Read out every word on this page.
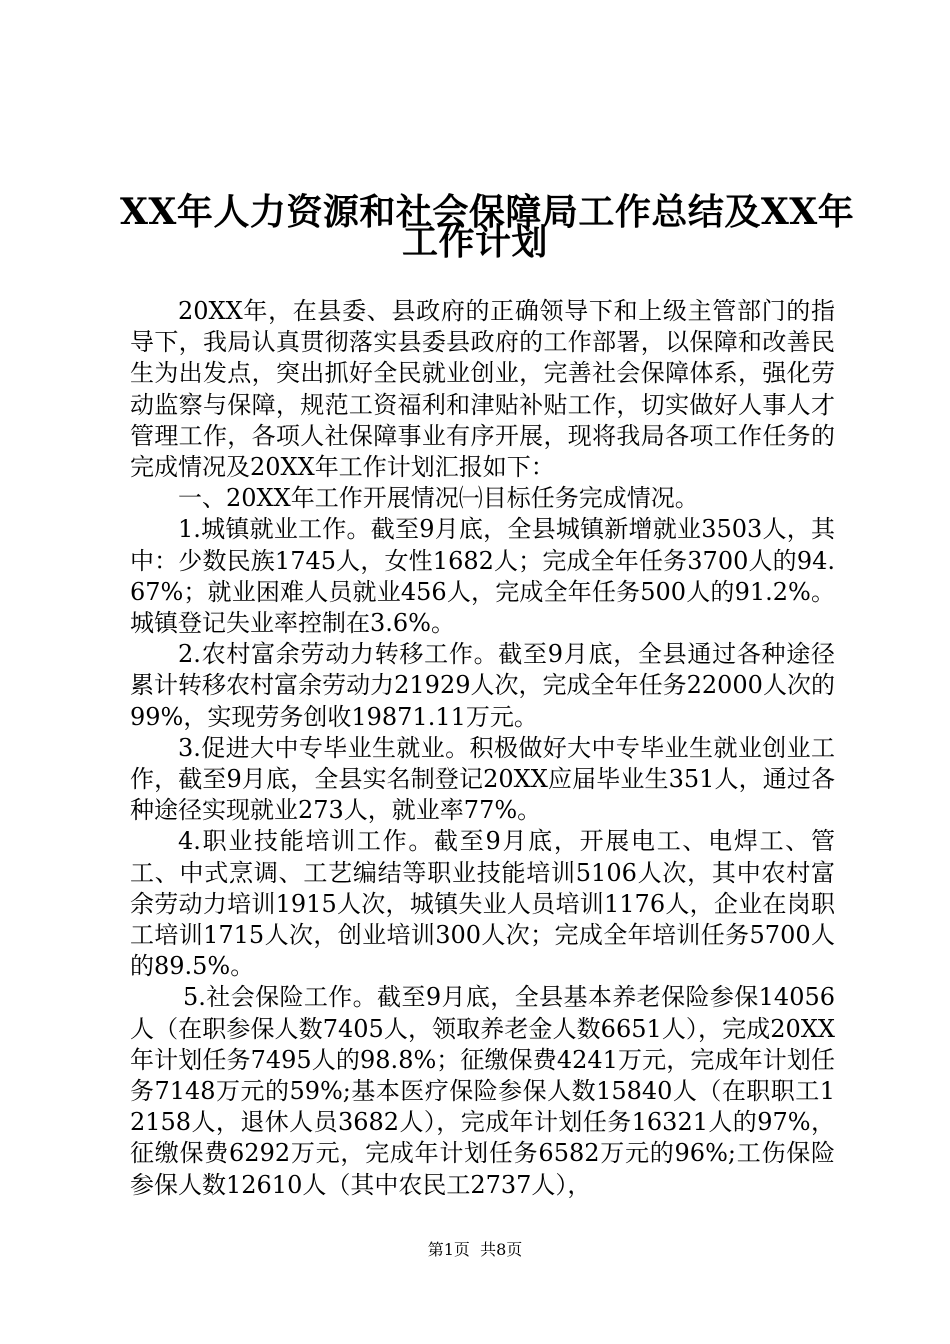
XX年人力资源和社会保障局工作总结及XX年
工作计划

20XX年，在县委、县政府的正确领导下和上级主管部门的指导下，我局认真贯彻落实县委县政府的工作部署，以保障和改善民生为出发点，突出抓好全民就业创业，完善社会保障体系，强化劳动监察与保障，规范工资福利和津贴补贴工作，切实做好人事人才管理工作，各项人社保障事业有序开展，现将我局各项工作任务的完成情况及20XX年工作计划汇报如下：

一、20XX年工作开展情况㈠目标任务完成情况。

1.城镇就业工作。截至9月底，全县城镇新增就业3503人，其中：少数民族1745人，女性1682人；完成全年任务3700人的94.67%；就业困难人员就业456人，完成全年任务500人的91.2%。城镇登记失业率控制在3.6%。

2.农村富余劳动力转移工作。截至9月底，全县通过各种途径累计转移农村富余劳动力21929人次，完成全年任务22000人次的99%，实现劳务创收19871.11万元。

3.促进大中专毕业生就业。积极做好大中专毕业生就业创业工作，截至9月底，全县实名制登记20XX应届毕业生351人，通过各种途径实现就业273人，就业率77%。

4.职业技能培训工作。截至9月底，开展电工、电焊工、管工、中式烹调、工艺编结等职业技能培训5106人次，其中农村富余劳动力培训1915人次，城镇失业人员培训1176人，企业在岗职工培训1715人次，创业培训300人次；完成全年培训任务5700人的89.5%。

5.社会保险工作。截至9月底，全县基本养老保险参保14056人（在职参保人数7405人，领取养老金人数6651人），完成20XX年计划任务7495人的98.8%；征缴保费4241万元，完成年计划任务7148万元的59%;基本医疗保险参保人数15840人（在职职工12158人，退休人员3682人），完成年计划任务16321人的97%，征缴保费6292万元，完成年计划任务6582万元的96%;工伤保险参保人数12610人（其中农民工2737人），

第1页  共8页
